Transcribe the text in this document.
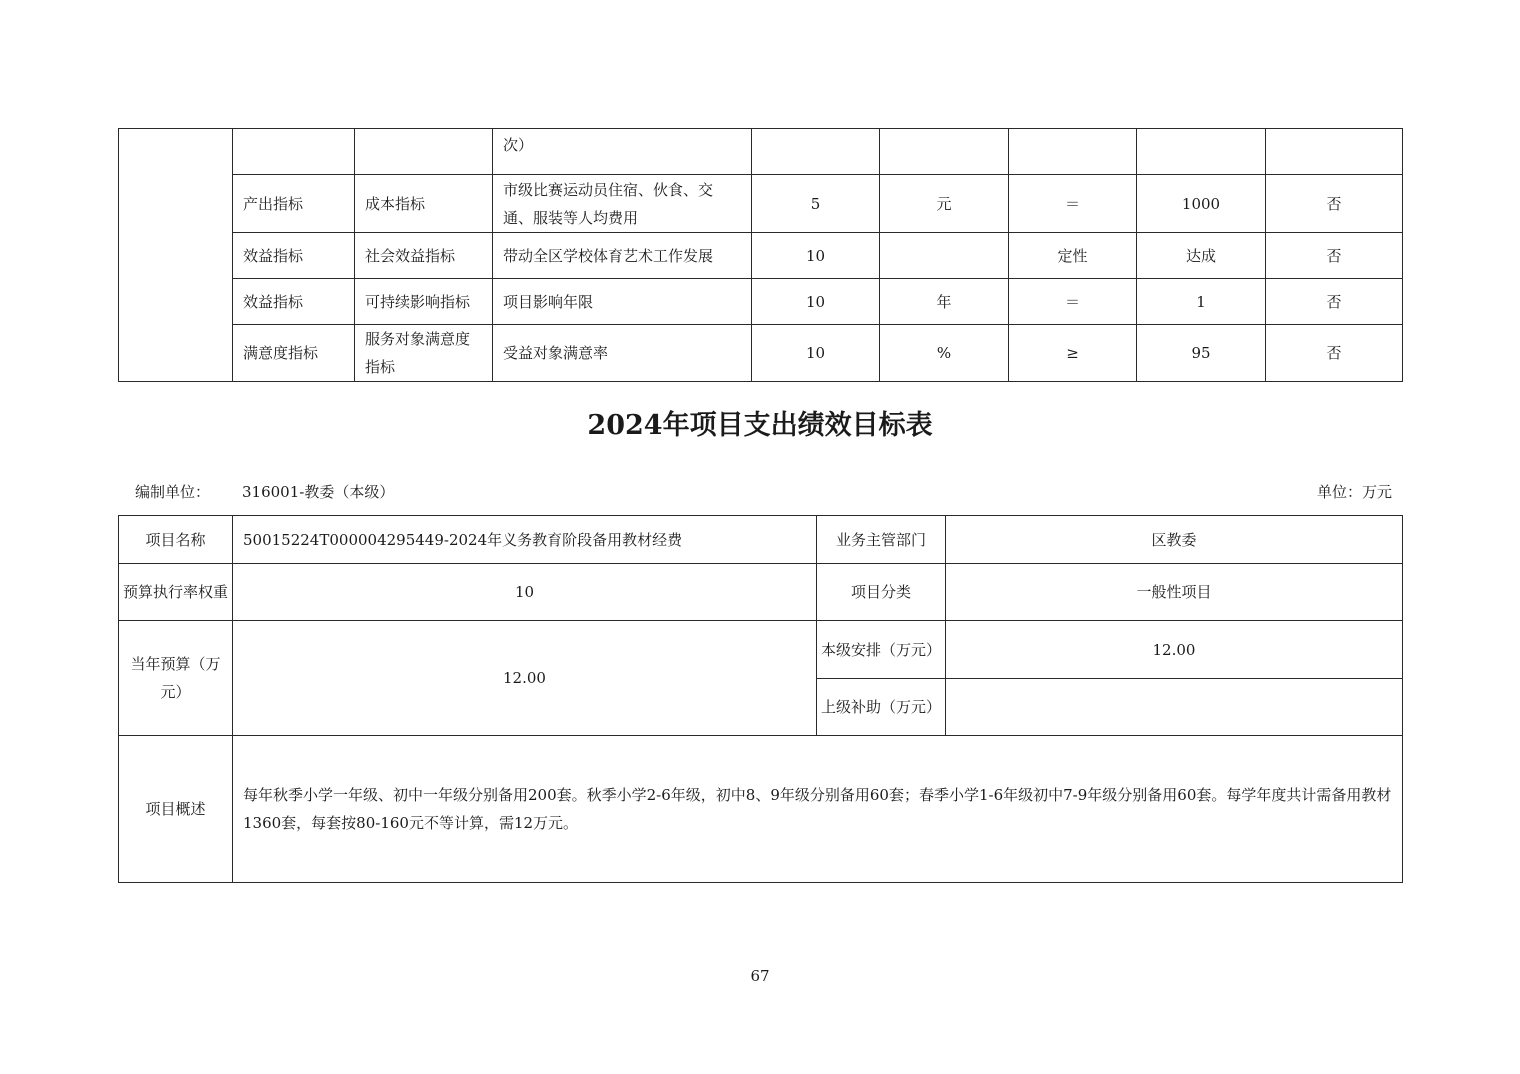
			次）					
	产出指标	成本指标	市级比赛运动员住宿、伙食、交通、服装等人均费用	5	元	＝	1000	否
	效益指标	社会效益指标	带动全区学校体育艺术工作发展	10		定性	达成	否
	效益指标	可持续影响指标	项目影响年限	10	年	＝	1	否
	满意度指标	服务对象满意度指标	受益对象满意率	10	%	≥	95	否
2024年项目支出绩效目标表
编制单位： 316001-教委（本级）	单位：万元
项目名称	50015224T000004295449-2024年义务教育阶段备用教材经费	业务主管部门	区教委
预算执行率权重	10	项目分类	一般性项目
当年预算（万元）	12.00	本级安排（万元）	12.00
		上级补助（万元）	
项目概述	每年秋季小学一年级、初中一年级分别备用200套。秋季小学2-6年级，初中8、9年级分别备用60套；春季小学1-6年级初中7-9年级分别备用60套。每学年度共计需备用教材1360套，每套按80-160元不等计算，需12万元。		
67
